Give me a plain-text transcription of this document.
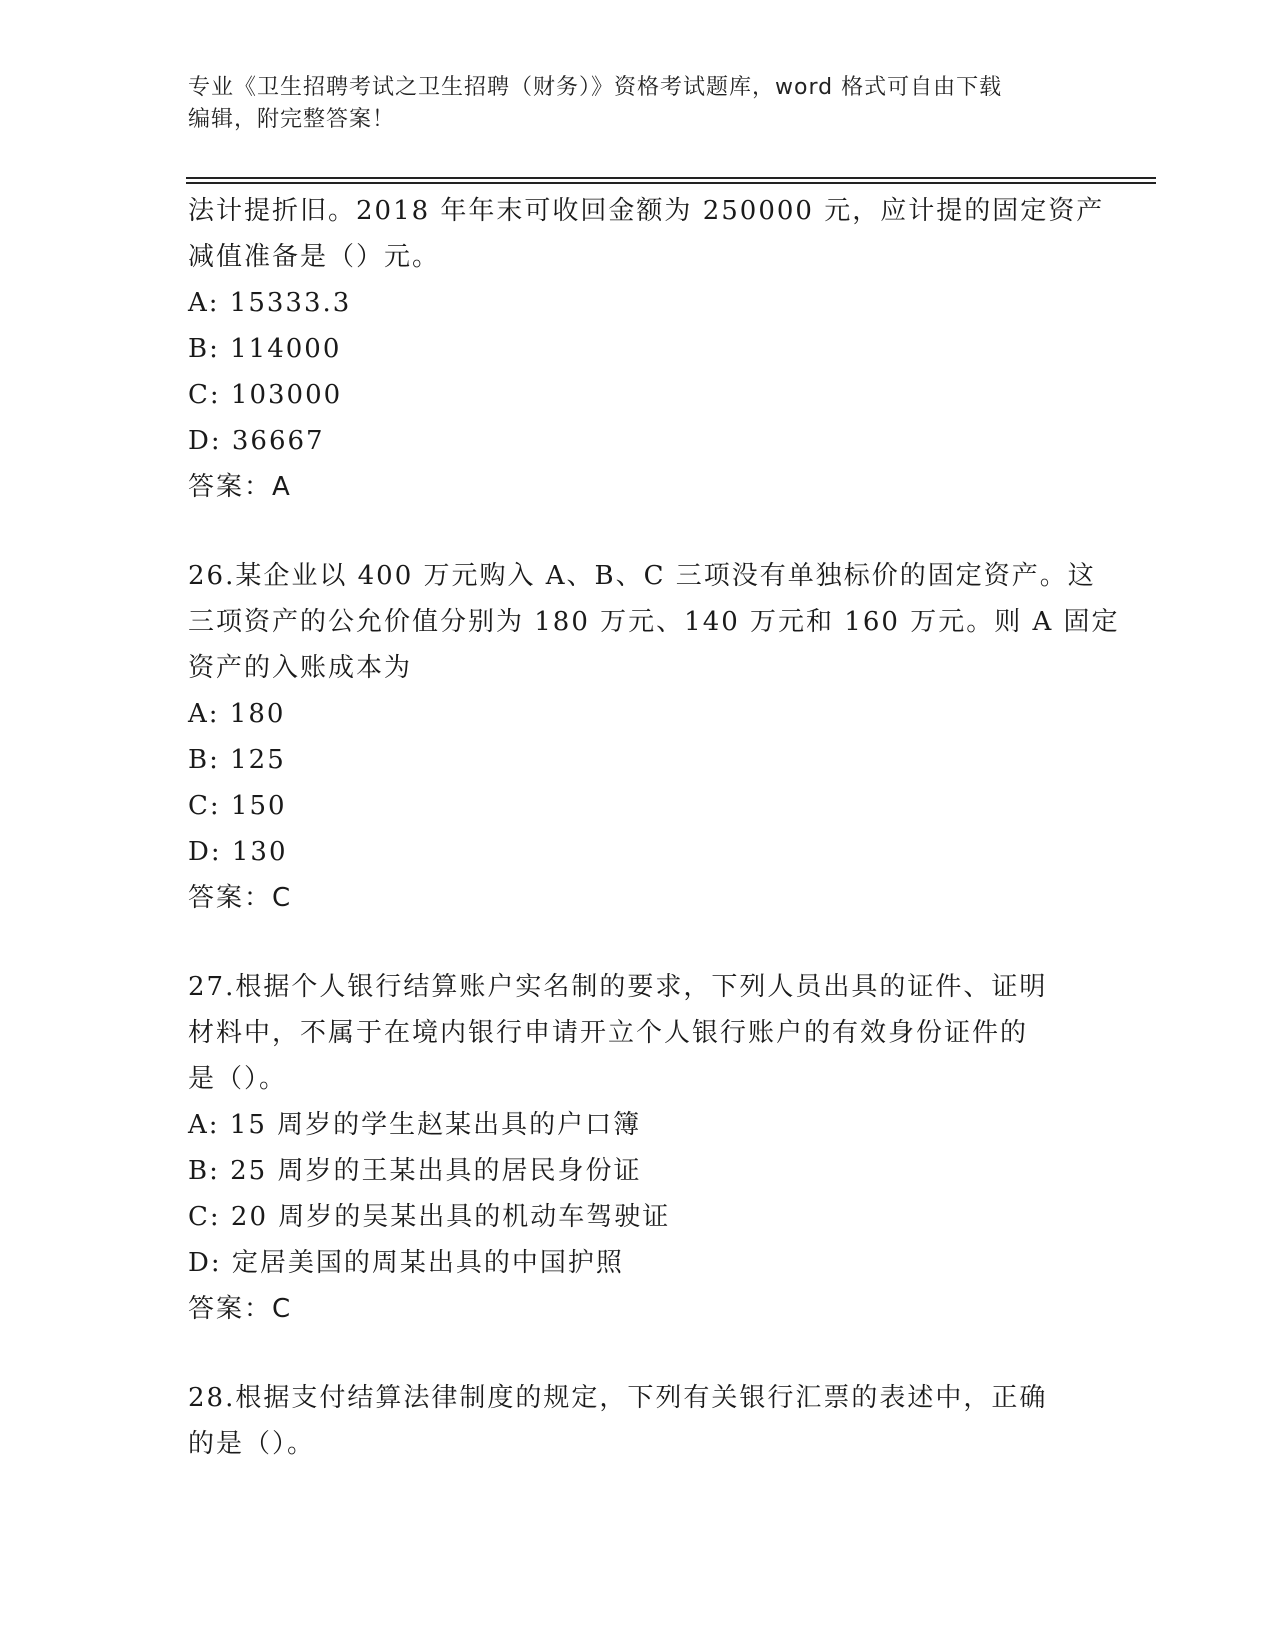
专业《卫生招聘考试之卫生招聘（财务）》资格考试题库，word 格式可自由下载
编辑，附完整答案！
法计提折旧。2018 年年末可收回金额为 250000 元，应计提的固定资产
减值准备是（）元。
A: 15333.3
B: 114000
C: 103000
D: 36667
答案：A
26.某企业以 400 万元购入 A、B、C 三项没有单独标价的固定资产。这
三项资产的公允价值分别为 180 万元、140 万元和 160 万元。则 A 固定
资产的入账成本为
A: 180
B: 125
C: 150
D: 130
答案：C
27.根据个人银行结算账户实名制的要求，下列人员出具的证件、证明
材料中，不属于在境内银行申请开立个人银行账户的有效身份证件的
是（）。
A: 15 周岁的学生赵某出具的户口簿
B: 25 周岁的王某出具的居民身份证
C: 20 周岁的吴某出具的机动车驾驶证
D: 定居美国的周某出具的中国护照
答案：C
28.根据支付结算法律制度的规定，下列有关银行汇票的表述中，正确
的是（）。
